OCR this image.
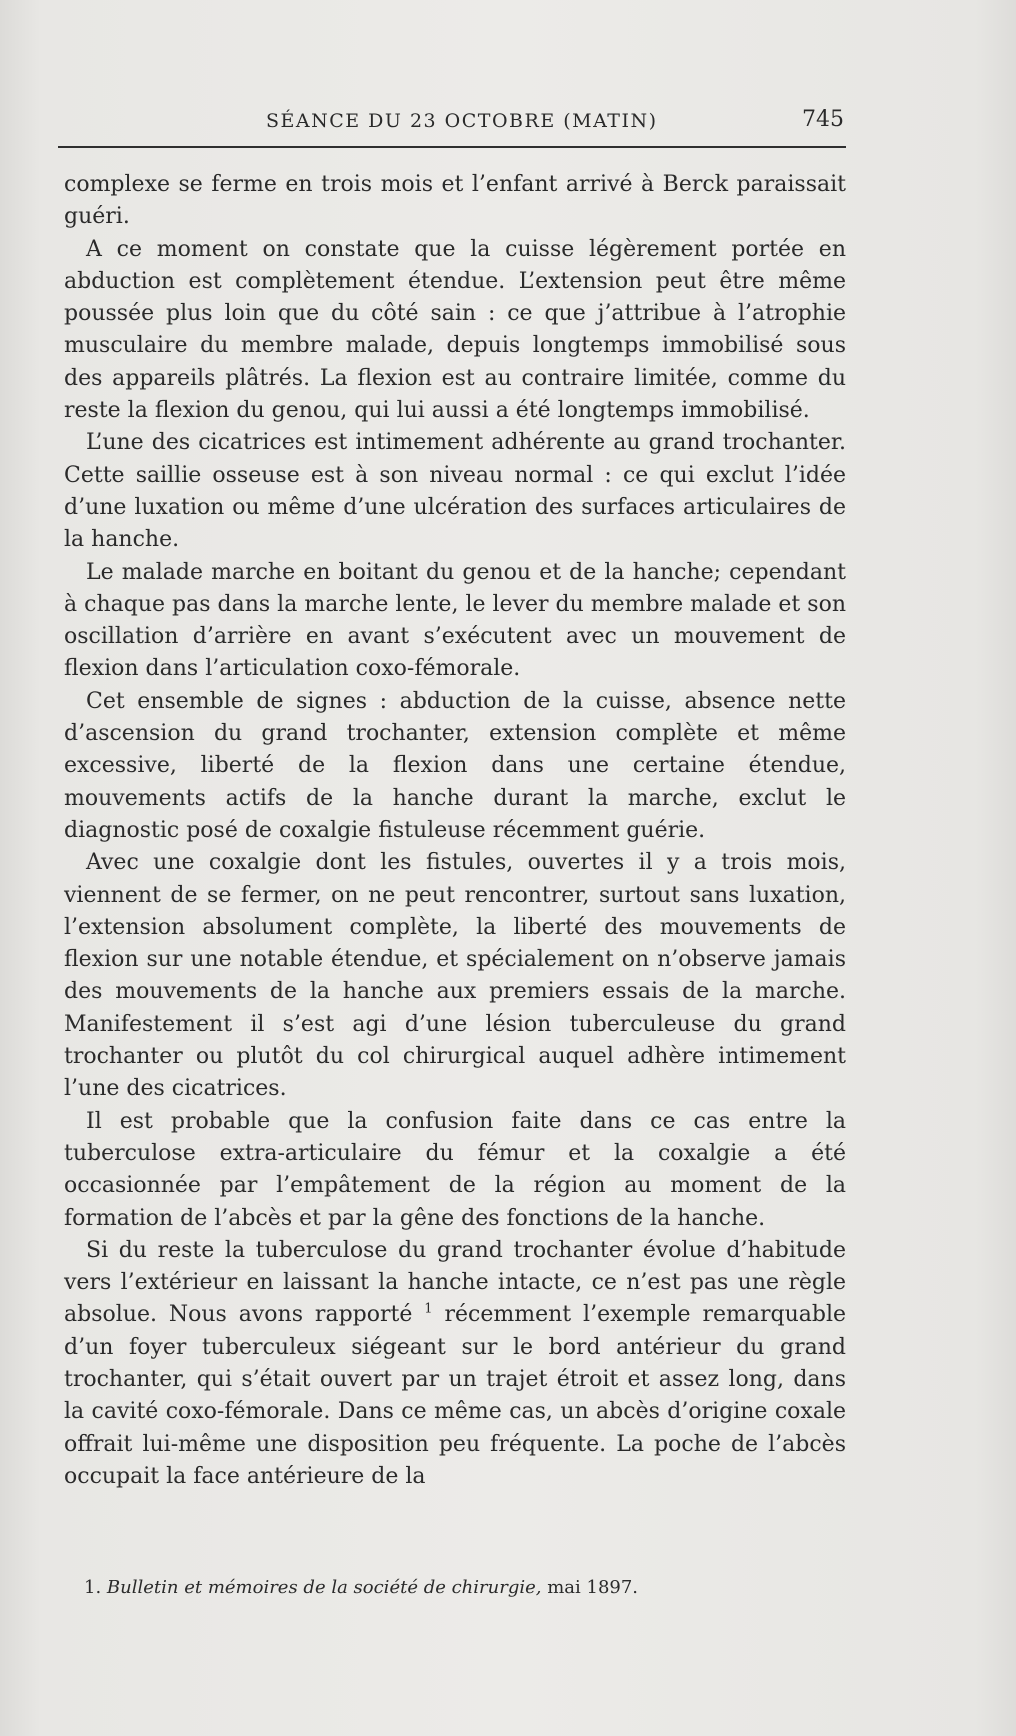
SÉANCE DU 23 OCTOBRE (MATIN)	745

complexe se ferme en trois mois et l’enfant arrivé à Berck paraissait guéri.

A ce moment on constate que la cuisse légèrement portée en abduction est complètement étendue. L’extension peut être même poussée plus loin que du côté sain : ce que j’attribue à l’atrophie musculaire du membre malade, depuis longtemps immobilisé sous des appareils plâtrés. La flexion est au contraire limitée, comme du reste la flexion du genou, qui lui aussi a été longtemps immobilisé.

L’une des cicatrices est intimement adhérente au grand trochanter. Cette saillie osseuse est à son niveau normal : ce qui exclut l’idée d’une luxation ou même d’une ulcération des surfaces articulaires de la hanche.

Le malade marche en boitant du genou et de la hanche; cependant à chaque pas dans la marche lente, le lever du membre malade et son oscillation d’arrière en avant s’exécutent avec un mouvement de flexion dans l’articulation coxo-fémorale.

Cet ensemble de signes : abduction de la cuisse, absence nette d’ascension du grand trochanter, extension complète et même excessive, liberté de la flexion dans une certaine étendue, mouvements actifs de la hanche durant la marche, exclut le diagnostic posé de coxalgie fistuleuse récemment guérie.

Avec une coxalgie dont les fistules, ouvertes il y a trois mois, viennent de se fermer, on ne peut rencontrer, surtout sans luxation, l’extension absolument complète, la liberté des mouvements de flexion sur une notable étendue, et spécialement on n’observe jamais des mouvements de la hanche aux premiers essais de la marche. Manifestement il s’est agi d’une lésion tuberculeuse du grand trochanter ou plutôt du col chirurgical auquel adhère intimement l’une des cicatrices.

Il est probable que la confusion faite dans ce cas entre la tuberculose extra-articulaire du fémur et la coxalgie a été occasionnée par l’empâtement de la région au moment de la formation de l’abcès et par la gêne des fonctions de la hanche.

Si du reste la tuberculose du grand trochanter évolue d’habitude vers l’extérieur en laissant la hanche intacte, ce n’est pas une règle absolue. Nous avons rapporté $^1$ récemment l’exemple remarquable d’un foyer tuberculeux siégeant sur le bord antérieur du grand trochanter, qui s’était ouvert par un trajet étroit et assez long, dans la cavité coxo-fémorale. Dans ce même cas, un abcès d’origine coxale offrait lui-même une disposition peu fréquente. La poche de l’abcès occupait la face antérieure de la

1. Bulletin et mémoires de la société de chirurgie, mai 1897.
